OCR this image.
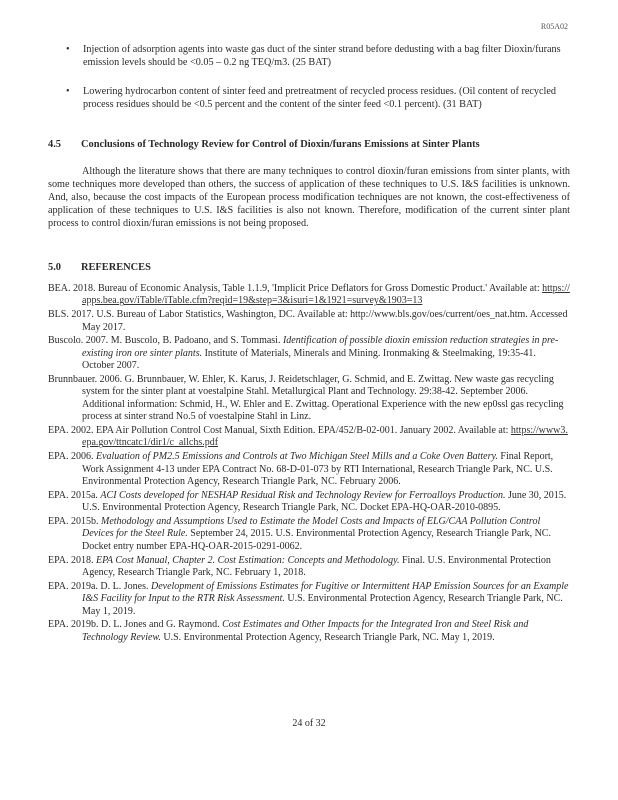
R05A02
• Injection of adsorption agents into waste gas duct of the sinter strand before dedusting with a bag filter Dioxin/furans emission levels should be <0.05 – 0.2 ng TEQ/m3. (25 BAT)
• Lowering hydrocarbon content of sinter feed and pretreatment of recycled process residues. (Oil content of recycled process residues should be <0.5 percent and the content of the sinter feed <0.1 percent). (31 BAT)
4.5 Conclusions of Technology Review for Control of Dioxin/furans Emissions at Sinter Plants

Although the literature shows that there are many techniques to control dioxin/furan emissions from sinter plants, with some techniques more developed than others, the success of application of these techniques to U.S. I&S facilities is unknown. And, also, because the cost impacts of the European process modification techniques are not known, the cost-effectiveness of application of these techniques to U.S. I&S facilities is also not known. Therefore, modification of the current sinter plant process to control dioxin/furan emissions is not being proposed.

5.0 REFERENCES

BEA. 2018. Bureau of Economic Analysis, Table 1.1.9, 'Implicit Price Deflators for Gross Domestic Product.' Available at: https://apps.bea.gov/iTable/iTable.cfm?reqid=19&step=3&isuri=1&1921=survey&1903=13

BLS. 2017. U.S. Bureau of Labor Statistics, Washington, DC. Available at: http://www.bls.gov/oes/current/oes_nat.htm. Accessed May 2017.

Buscolo. 2007. M. Buscolo, B. Padoano, and S. Tommasi. Identification of possible dioxin emission reduction strategies in pre-existing iron ore sinter plants. Institute of Materials, Minerals and Mining. Ironmaking & Steelmaking, 19:35-41. October 2007.

Brunnbauer. 2006. G. Brunnbauer, W. Ehler, K. Karus, J. Reidetschlager, G. Schmid, and E. Zwittag. New waste gas recycling system for the sinter plant at voestalpine Stahl. Metallurgical Plant and Technology. 29:38-42. September 2006. Additional information: Schmid, H., W. Ehler and E. Zwittag. Operational Experience with the new ep0ssl gas recycling process at sinter strand No.5 of voestalpine Stahl in Linz.

EPA. 2002. EPA Air Pollution Control Cost Manual, Sixth Edition. EPA/452/B-02-001. January 2002. Available at: https://www3.epa.gov/ttncatc1/dir1/c_allchs.pdf

EPA. 2006. Evaluation of PM2.5 Emissions and Controls at Two Michigan Steel Mills and a Coke Oven Battery. Final Report, Work Assignment 4-13 under EPA Contract No. 68-D-01-073 by RTI International, Research Triangle Park, NC. U.S. Environmental Protection Agency, Research Triangle Park, NC. February 2006.

EPA. 2015a. ACI Costs developed for NESHAP Residual Risk and Technology Review for Ferroalloys Production. June 30, 2015. U.S. Environmental Protection Agency, Research Triangle Park, NC. Docket EPA-HQ-OAR-2010-0895.

EPA. 2015b. Methodology and Assumptions Used to Estimate the Model Costs and Impacts of ELG/CAA Pollution Control Devices for the Steel Rule. September 24, 2015. U.S. Environmental Protection Agency, Research Triangle Park, NC. Docket entry number EPA-HQ-OAR-2015-0291-0062.

EPA. 2018. EPA Cost Manual, Chapter 2. Cost Estimation: Concepts and Methodology. Final. U.S. Environmental Protection Agency, Research Triangle Park, NC. February 1, 2018.

EPA. 2019a. D. L. Jones. Development of Emissions Estimates for Fugitive or Intermittent HAP Emission Sources for an Example I&S Facility for Input to the RTR Risk Assessment. U.S. Environmental Protection Agency, Research Triangle Park, NC. May 1, 2019.

EPA. 2019b. D. L. Jones and G. Raymond. Cost Estimates and Other Impacts for the Integrated Iron and Steel Risk and Technology Review. U.S. Environmental Protection Agency, Research Triangle Park, NC. May 1, 2019.

24 of 32
